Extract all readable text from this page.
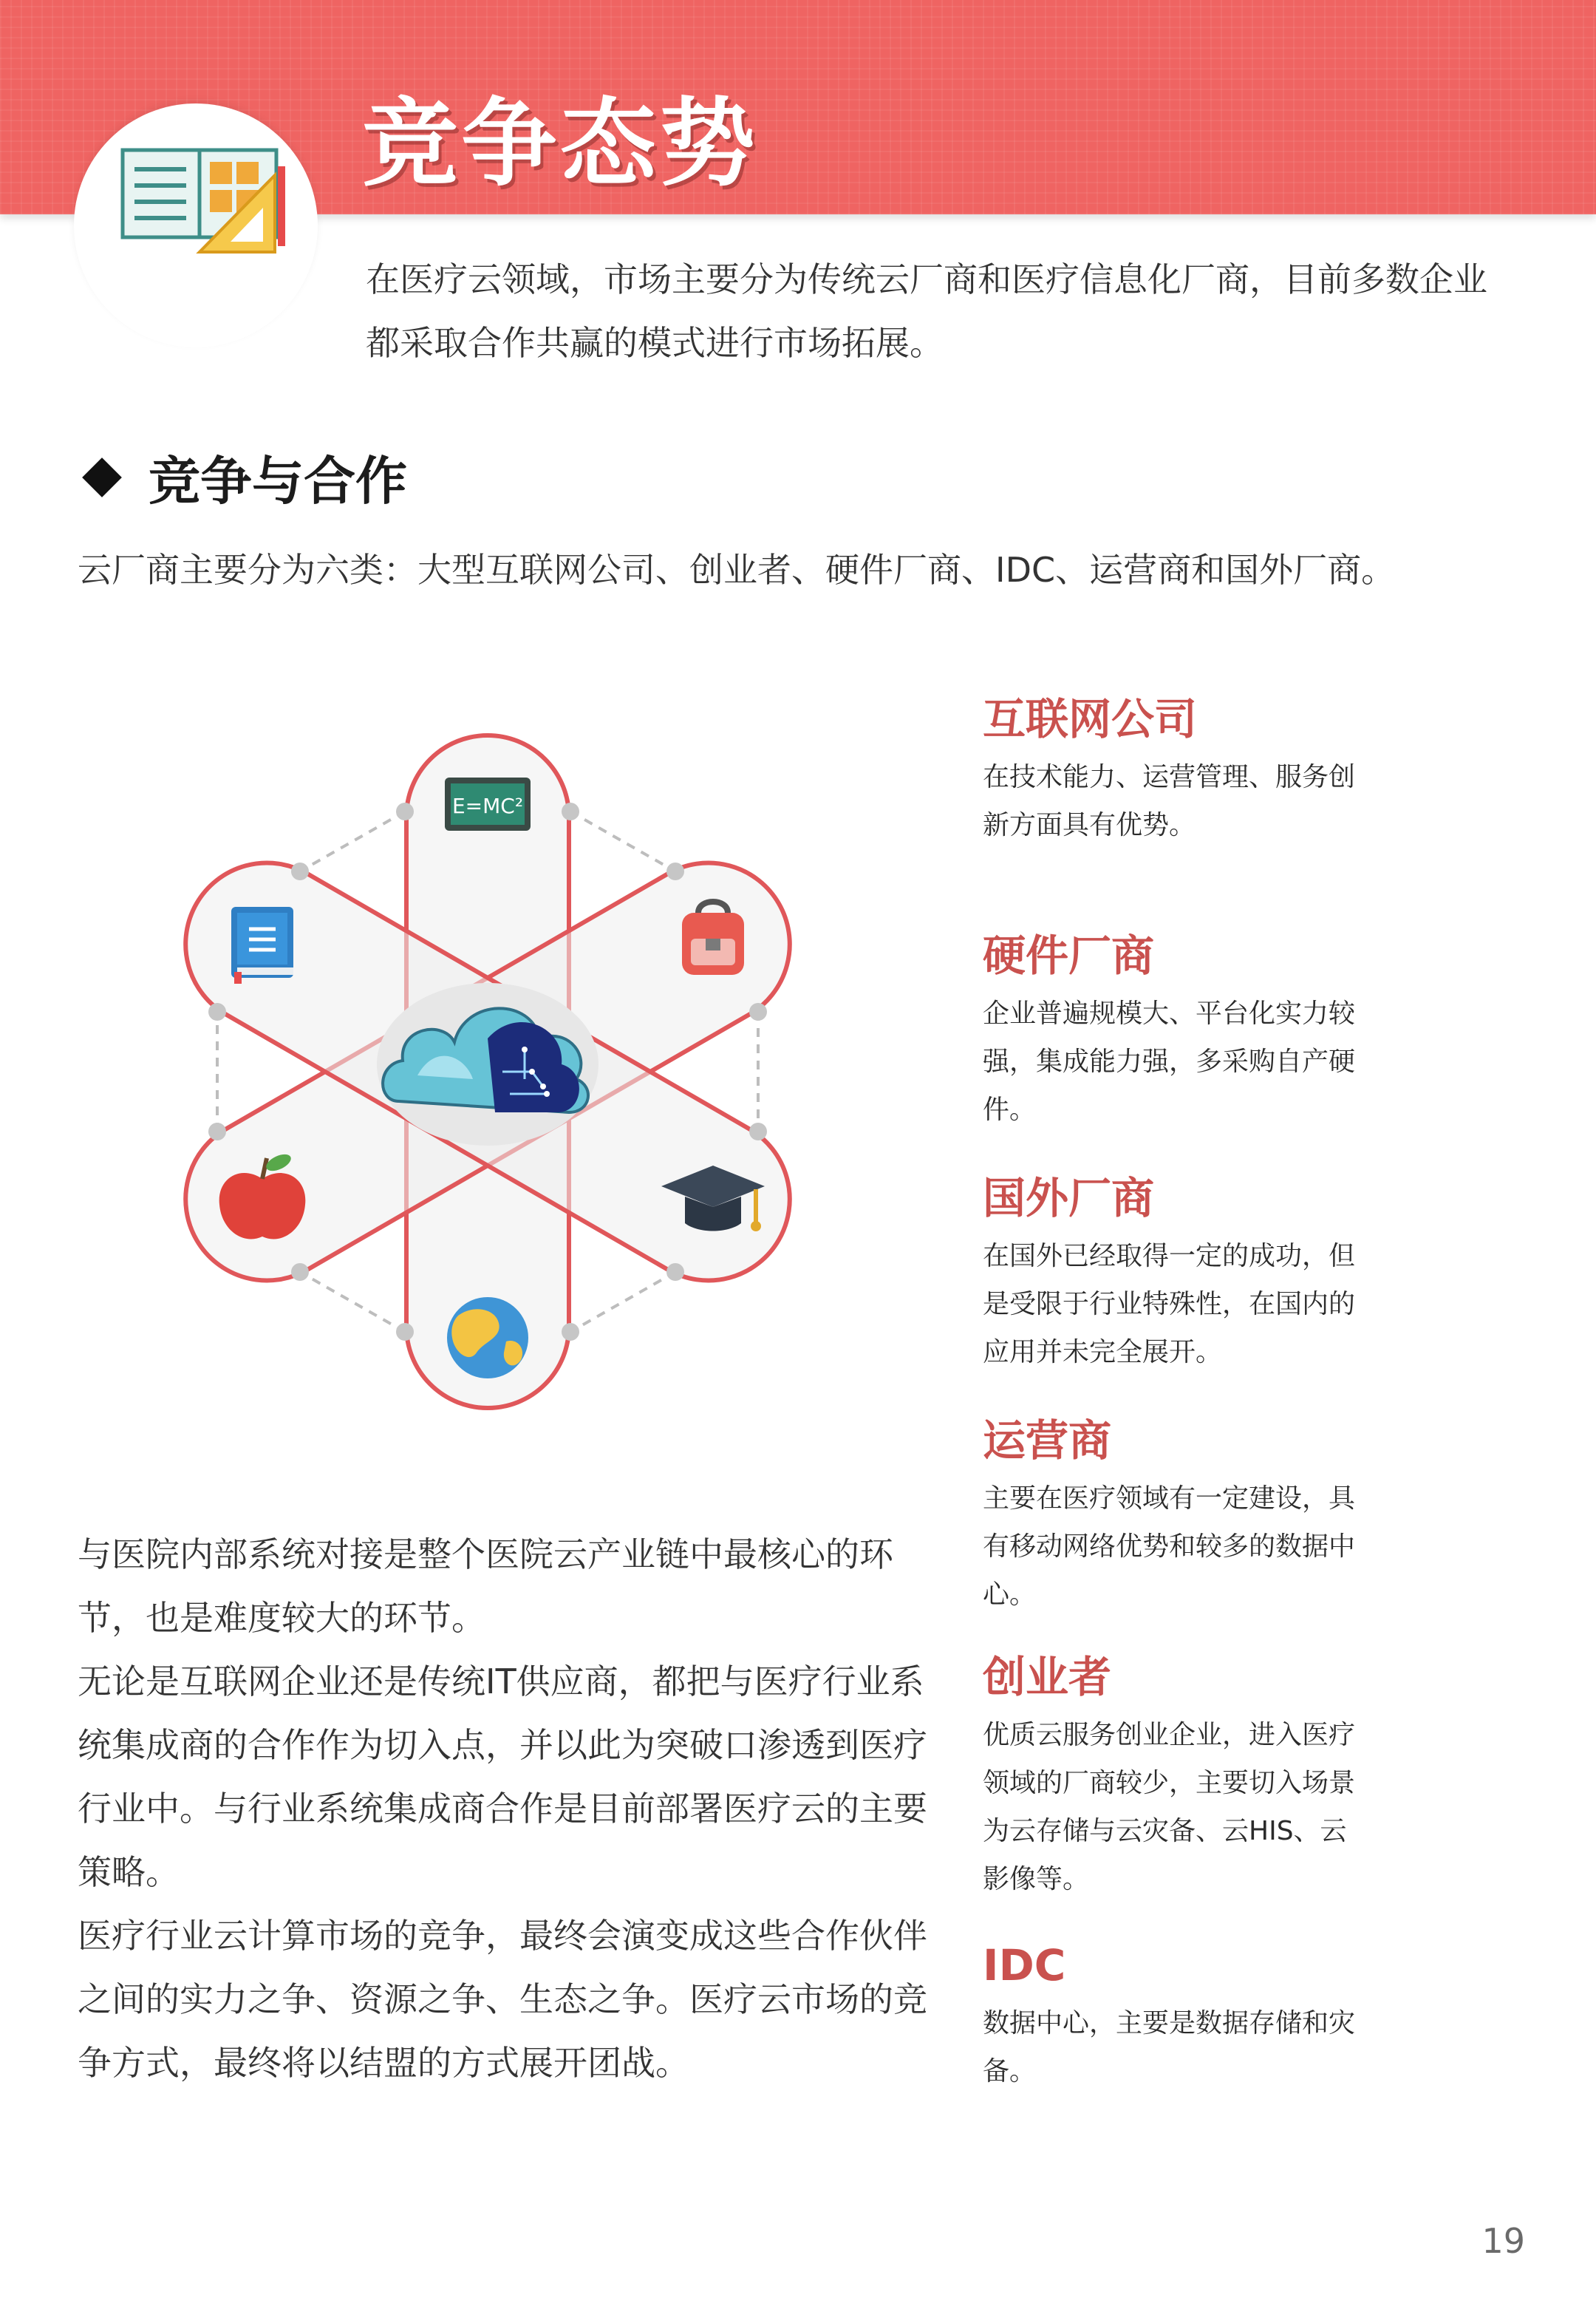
竞争态势

在医疗云领域，市场主要分为传统云厂商和医疗信息化厂商，目前多数企业都采取合作共赢的模式进行市场拓展。

竞争与合作

云厂商主要分为六类：大型互联网公司、创业者、硬件厂商、IDC、运营商和国外厂商。

E=MC²
互联网公司

在技术能力、运营管理、服务创新方面具有优势。

硬件厂商

企业普遍规模大、平台化实力较强，集成能力强，多采购自产硬件。

国外厂商

在国外已经取得一定的成功，但是受限于行业特殊性，在国内的应用并未完全展开。

运营商

主要在医疗领域有一定建设，具有移动网络优势和较多的数据中心。

创业者

优质云服务创业企业，进入医疗领域的厂商较少，主要切入场景为云存储与云灾备、云HIS、云影像等。

IDC

数据中心，主要是数据存储和灾备。

与医院内部系统对接是整个医院云产业链中最核心的环节，也是难度较大的环节。

无论是互联网企业还是传统IT供应商，都把与医疗行业系统集成商的合作作为切入点，并以此为突破口渗透到医疗行业中。与行业系统集成商合作是目前部署医疗云的主要策略。

医疗行业云计算市场的竞争，最终会演变成这些合作伙伴之间的实力之争、资源之争、生态之争。医疗云市场的竞争方式，最终将以结盟的方式展开团战。

19
